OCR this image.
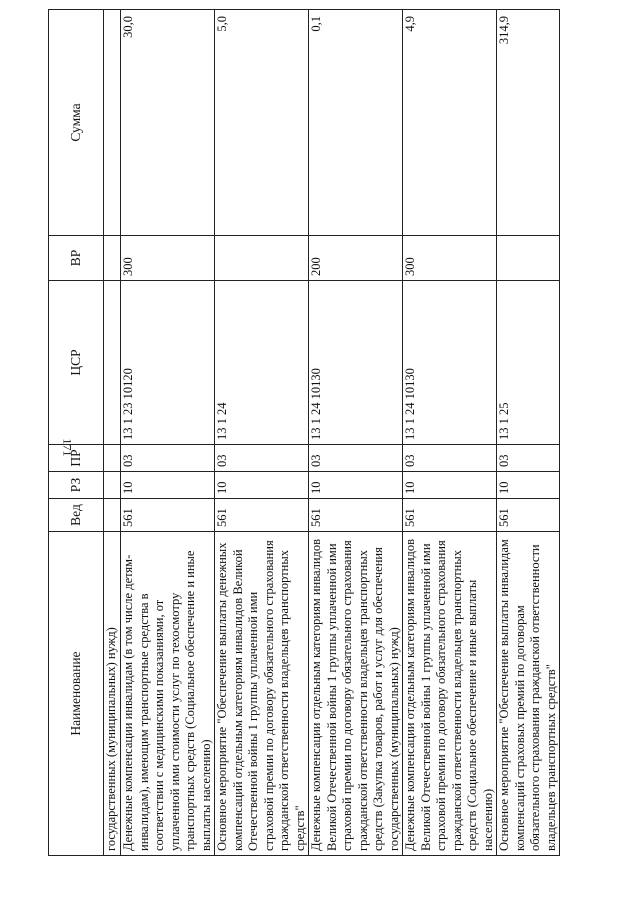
171
Наименование	Вед	РЗ	ПР	ЦСР	ВР	Сумма
государственных (муниципальных) нужд)						
Денежные компенсации инвалидам (в том числе детям-инвалидам), имеющим транспортные средства в соответствии с медицинскими показаниями, от уплаченной ими стоимости услуг по техосмотру транспортных средств (Социальное обеспечение и иные выплаты населению)	561	10	03	13 1 23 10120	300	30,0
Основное мероприятие "Обеспечение выплаты денежных компенсаций отдельным категориям инвалидов Великой Отечественной войны 1 группы уплаченной ими страховой премии по договору обязательного страхования гражданской ответственности владельцев транспортных средств"	561	10	03	13 1 24		5,0
Денежные компенсации отдельным категориям инвалидов Великой Отечественной войны 1 группы уплаченной ими страховой премии по договору обязательного страхования гражданской ответственности владельцев транспортных средств (Закупка товаров, работ и услуг для обеспечения государственных (муниципальных) нужд)	561	10	03	13 1 24 10130	200	0,1
Денежные компенсации отдельным категориям инвалидов Великой Отечественной войны 1 группы уплаченной ими страховой премии по договору обязательного страхования гражданской ответственности владельцев транспортных средств (Социальное обеспечение и иные выплаты населению)	561	10	03	13 1 24 10130	300	4,9
Основное мероприятие "Обеспечение выплаты инвалидам компенсаций страховых премий по договорам обязательного страхования гражданской ответственности владельцев транспортных средств"	561	10	03	13 1 25		314,9
